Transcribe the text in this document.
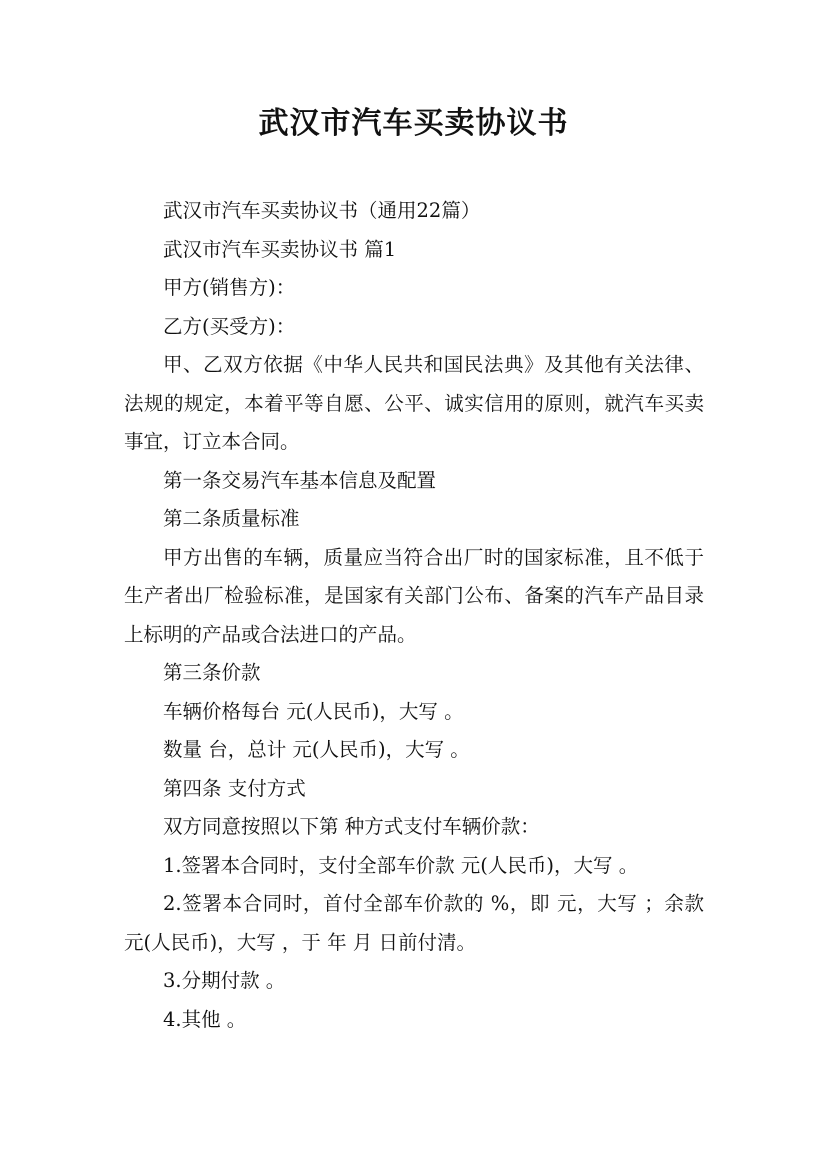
武汉市汽车买卖协议书

武汉市汽车买卖协议书（通用22篇）

武汉市汽车买卖协议书 篇1

甲方(销售方)：

乙方(买受方)：

甲、乙双方依据《中华人民共和国民法典》及其他有关法律、法规的规定，本着平等自愿、公平、诚实信用的原则，就汽车买卖事宜，订立本合同。

第一条交易汽车基本信息及配置

第二条质量标准

甲方出售的车辆，质量应当符合出厂时的国家标准，且不低于生产者出厂检验标准，是国家有关部门公布、备案的汽车产品目录上标明的产品或合法进口的产品。

第三条价款

车辆价格每台 元(人民币)，大写 。

数量 台，总计 元(人民币)，大写 。

第四条 支付方式

双方同意按照以下第 种方式支付车辆价款：

1.签署本合同时，支付全部车价款 元(人民币)，大写 。

2.签署本合同时，首付全部车价款的 %，即 元，大写 ；余款 元(人民币)，大写 ，于 年 月 日前付清。

3.分期付款 。

4.其他 。
